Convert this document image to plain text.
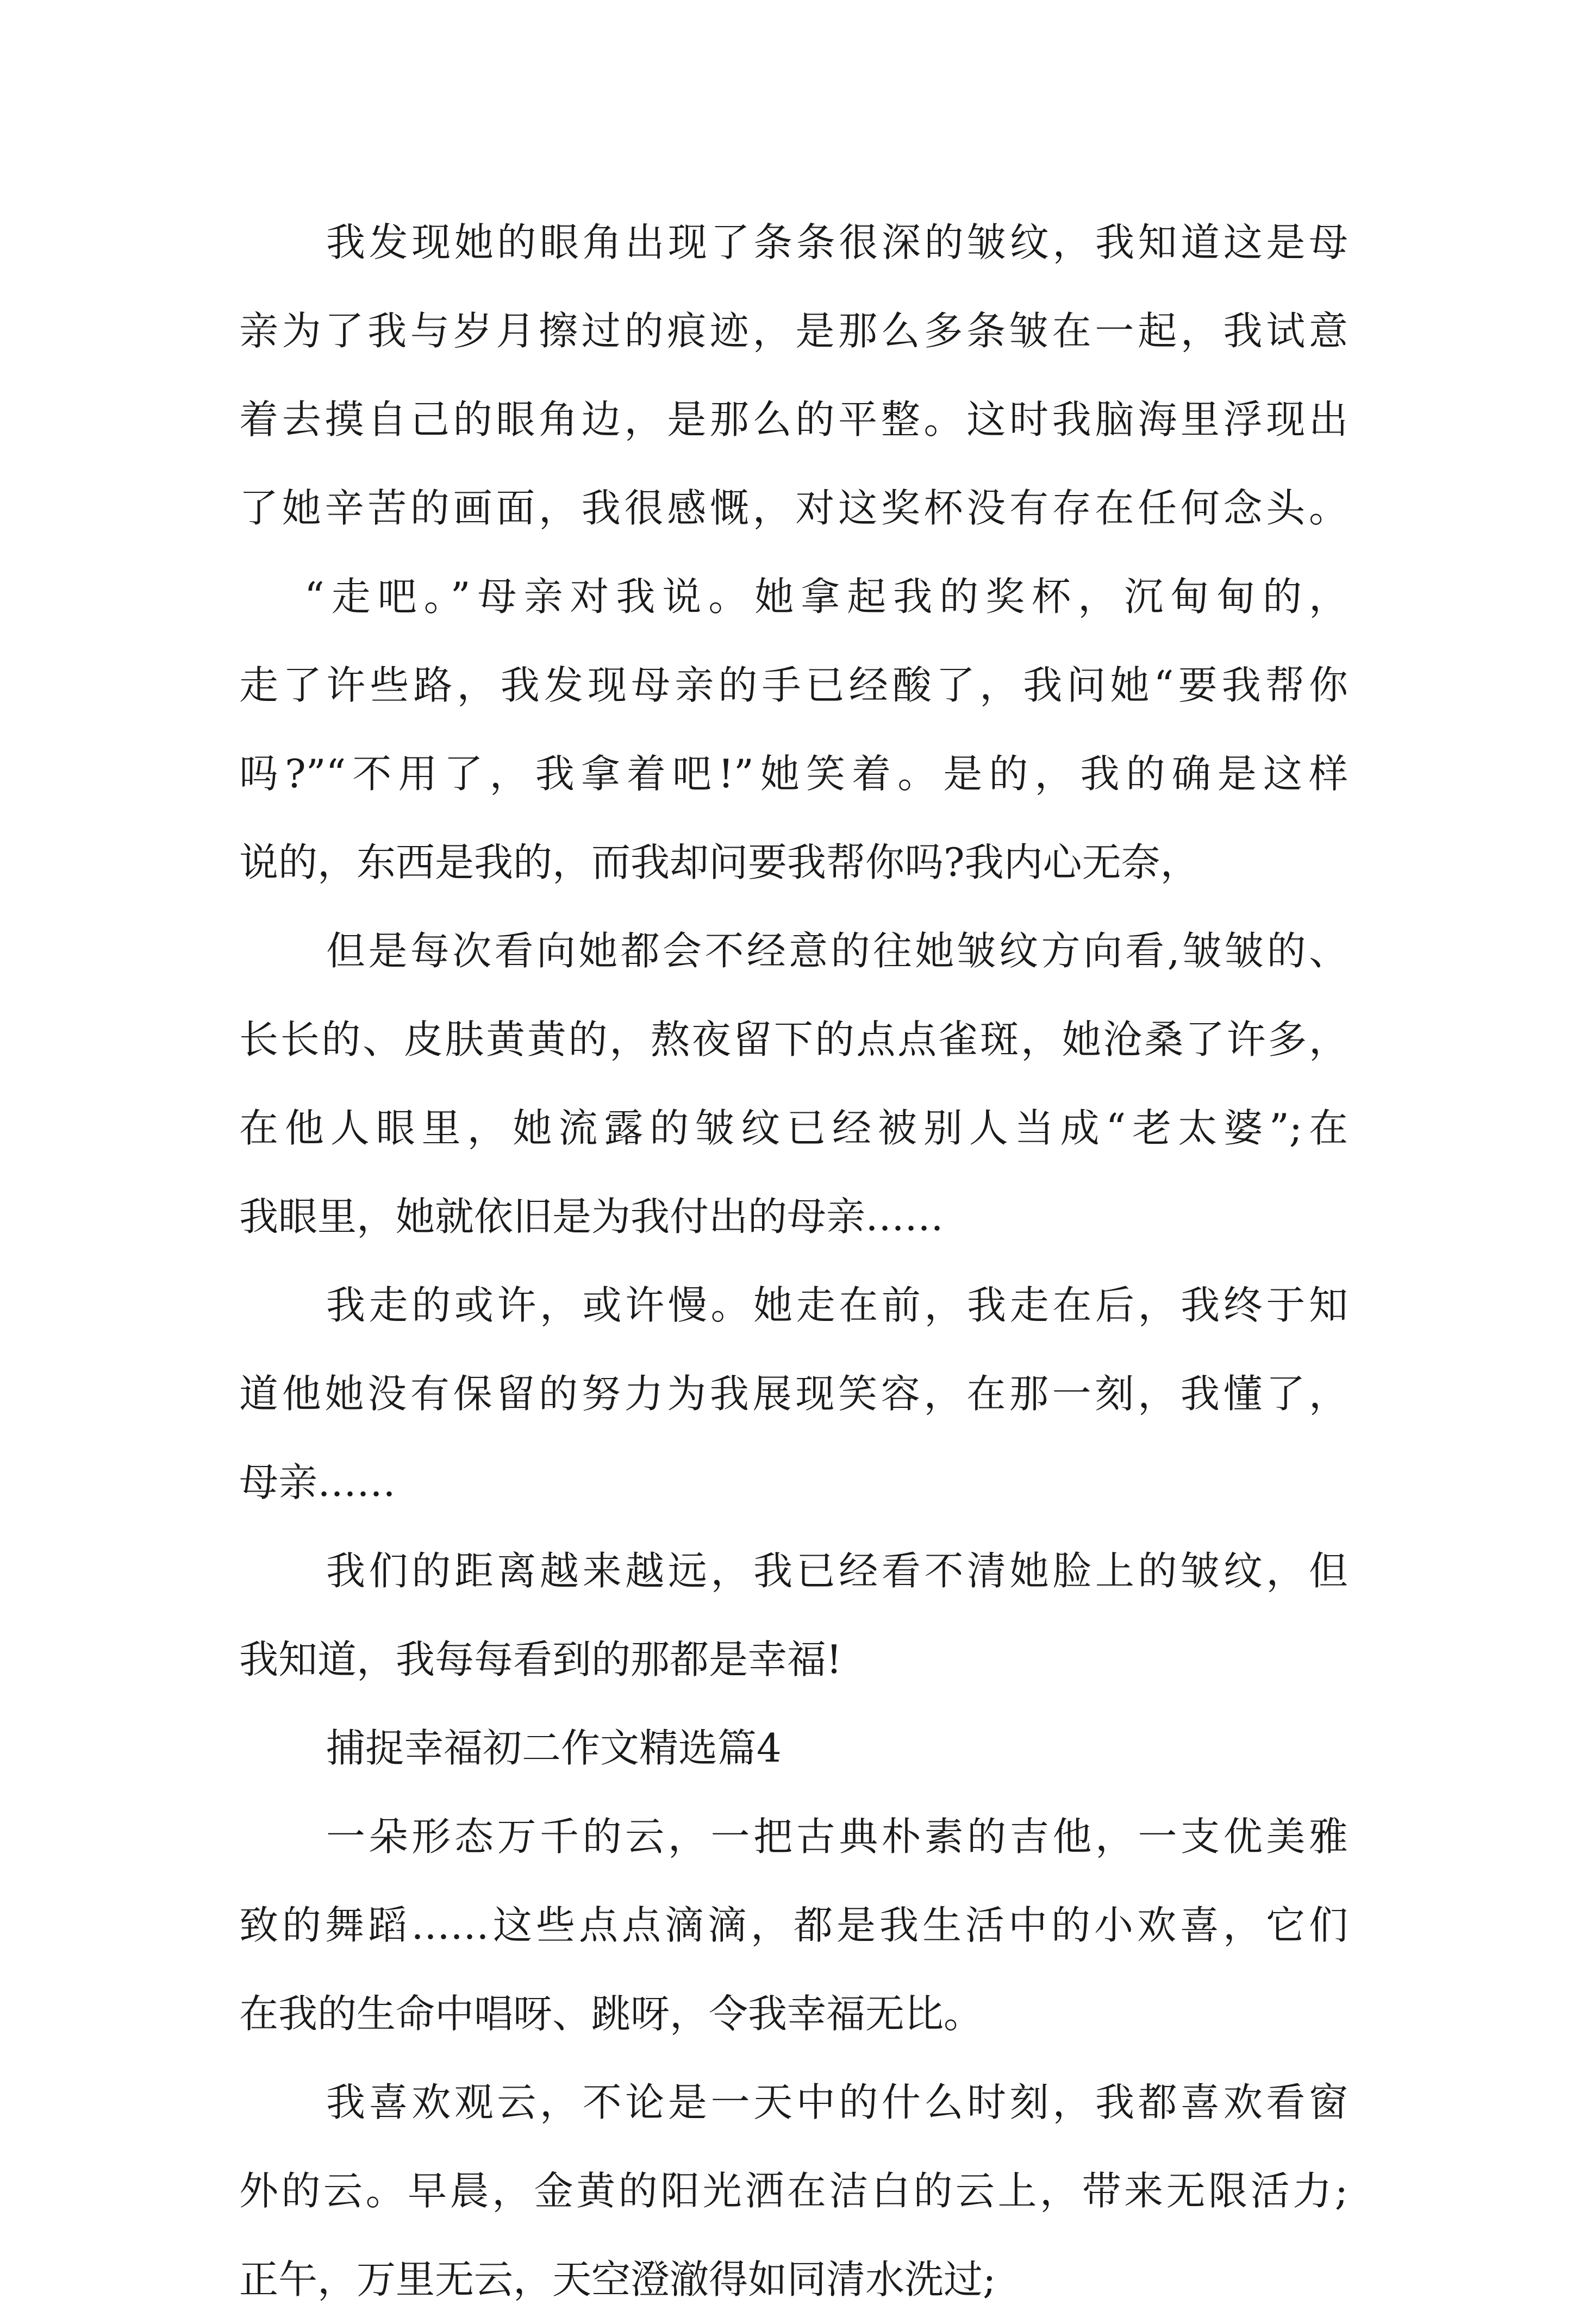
我发现她的眼角出现了条条很深的皱纹，我知道这是母
亲为了我与岁月擦过的痕迹，是那么多条皱在一起，我试意
着去摸自己的眼角边，是那么的平整。这时我脑海里浮现出
了她辛苦的画面，我很感慨，对这奖杯没有存在任何念头。
“走吧。”母亲对我说。她拿起我的奖杯，沉甸甸的，
走了许些路，我发现母亲的手已经酸了，我问她“要我帮你
吗?”“不用了，我拿着吧!”她笑着。是的，我的确是这样
说的，东西是我的，而我却问要我帮你吗?我内心无奈，
但是每次看向她都会不经意的往她皱纹方向看,皱皱的、
长长的、皮肤黄黄的，熬夜留下的点点雀斑，她沧桑了许多，
在他人眼里，她流露的皱纹已经被别人当成“老太婆”;在
我眼里，她就依旧是为我付出的母亲……
我走的或许，或许慢。她走在前，我走在后，我终于知
道他她没有保留的努力为我展现笑容，在那一刻，我懂了，
母亲……
我们的距离越来越远，我已经看不清她脸上的皱纹，但
我知道，我每每看到的那都是幸福!
捕捉幸福初二作文精选篇4
一朵形态万千的云，一把古典朴素的吉他，一支优美雅
致的舞蹈……这些点点滴滴，都是我生活中的小欢喜，它们
在我的生命中唱呀、跳呀，令我幸福无比。
我喜欢观云，不论是一天中的什么时刻，我都喜欢看窗
外的云。早晨，金黄的阳光洒在洁白的云上，带来无限活力;
正午，万里无云，天空澄澈得如同清水洗过;
